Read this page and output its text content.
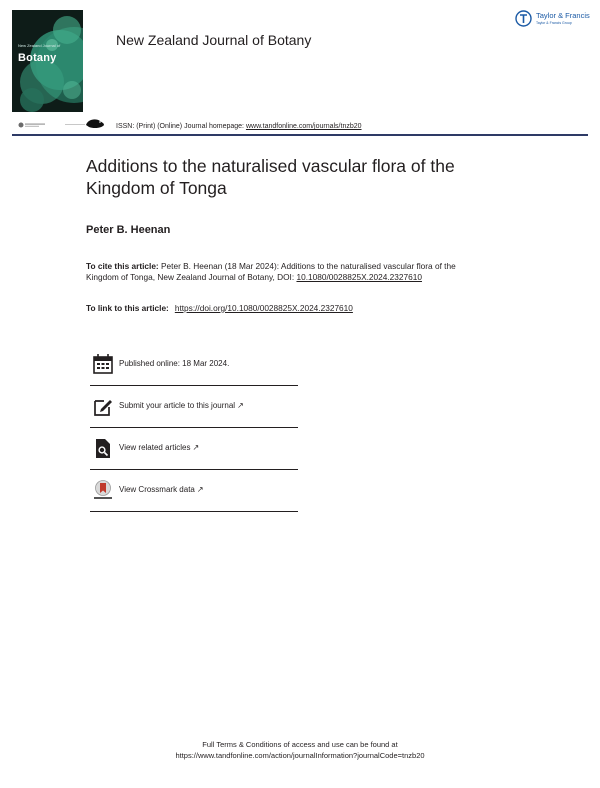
New Zealand Journal of
Botany
New Zealand Journal of Botany
Taylor & Francis
Taylor & Francis Group
ISSN: (Print) (Online) Journal homepage: www.tandfonline.com/journals/tnzb20
Additions to the naturalised vascular flora of the Kingdom of Tonga
Peter B. Heenan
To cite this article: Peter B. Heenan (18 Mar 2024): Additions to the naturalised vascular flora of the Kingdom of Tonga, New Zealand Journal of Botany, DOI: 10.1080/0028825X.2024.2327610
To link to this article: https://doi.org/10.1080/0028825X.2024.2327610
Published online: 18 Mar 2024.
Submit your article to this journal ↗
View related articles ↗
View Crossmark data ↗
Full Terms & Conditions of access and use can be found at
https://www.tandfonline.com/action/journalInformation?journalCode=tnzb20
